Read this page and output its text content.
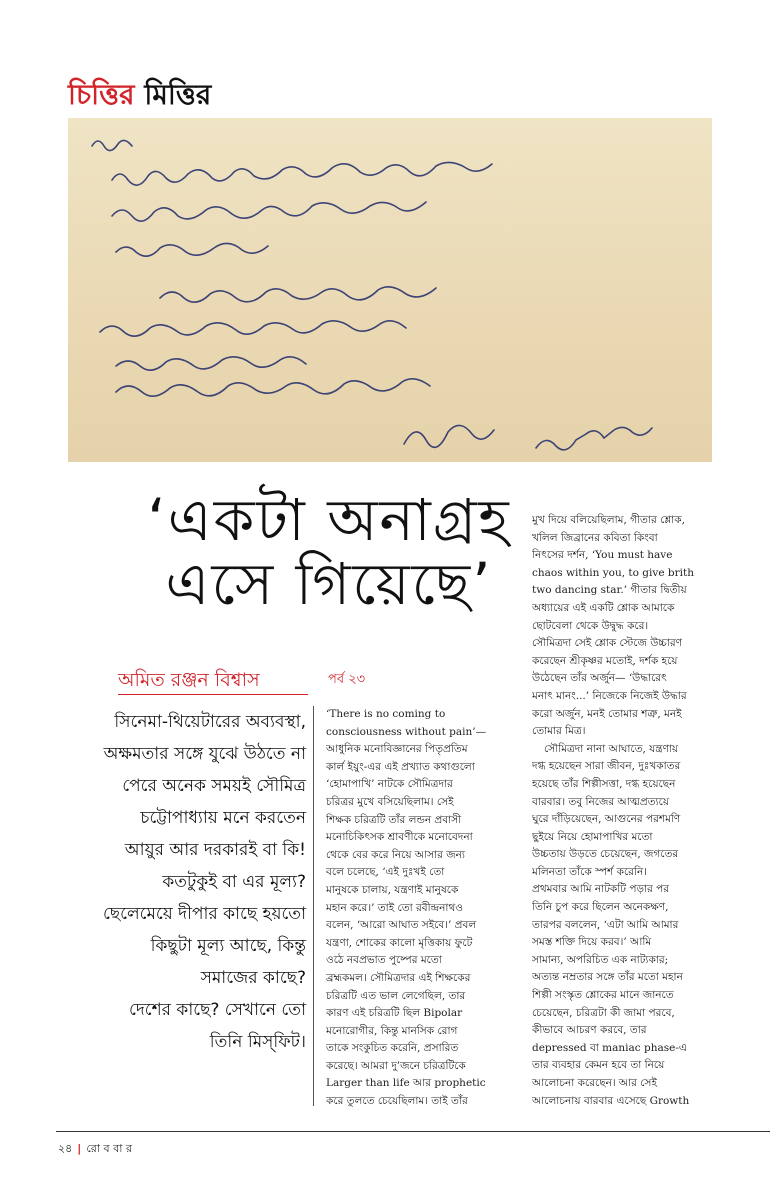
চিত্তির মিত্তির
‘একটা অনাগ্রহ
এসে গিয়েছে’
অমিত রঞ্জন বিশ্বাস	পর্ব ২৩
সিনেমা-থিয়েটারের অব্যবস্থা,
অক্ষমতার সঙ্গে যুঝে উঠতে না
পেরে অনেক সময়ই সৌমিত্র
চট্টোপাধ্যায় মনে করতেন
আয়ুর আর দরকারই বা কি!
কতটুকুই বা এর মূল্য?
ছেলেমেয়ে দীপার কাছে হয়তো
কিছুটা মূল্য আছে, কিন্তু
সমাজের কাছে?
দেশের কাছে? সেখানে তো
তিনি মিস্‌ফিট।
‘There is no coming to
consciousness without pain’—
আধুনিক মনোবিজ্ঞানের পিতৃপ্রতিম
কার্ল ইয়ুং-এর এই প্রখ্যাত কথাগুলো
‘হোমাপাখি’ নাটকে সৌমিত্রদার
চরিত্রর মুখে বসিয়েছিলাম। সেই
শিক্ষক চরিত্রটি তাঁর লন্ডন প্রবাসী
মনোচিকিৎসক শ্রাবণীকে মনোবেদনা
থেকে বের করে নিয়ে আসার জন্য
বলে চলেছে, ‘এই দুঃখই তো
মানুষকে চালায়, যন্ত্রণাই মানুষকে
মহান করে।’ তাই তো রবীন্দ্রনাথও
বলেন, ‘আরো আঘাত সইবে।’ প্রবল
যন্ত্রণা, শোকের কালো মৃত্তিকায় ফুটে
ওঠে নবপ্রভাত পুষ্পের মতো
ব্রহ্মকমল। সৌমিত্রদার এই শিক্ষকের
চরিত্রটি এত ভাল লেগেছিল, তার
কারণ এই চরিত্রটি ছিল Bipolar
মনোরোগীর, কিন্তু মানসিক রোগ
তাকে সংকুচিত করেনি, প্রসারিত
করেছে। আমরা দু’জনে চরিত্রটিকে
Larger than life আর prophetic
করে তুলতে চেয়েছিলাম। তাই তাঁর
মুখ দিয়ে বলিয়েছিলাম, গীতার শ্লোক,
খলিল জিব্রানের কবিতা কিংবা
নিৎসের দর্শন, ‘You must have
chaos within you, to give brith
two dancing star.’ গীতার দ্বিতীয়
অধ্যায়ের এই একটি শ্লোক আমাকে
ছোটবেলা থেকে উদ্বুদ্ধ করে।
সৌমিত্রদা সেই শ্লোক স্টেজে উচ্চারণ
করেছেন শ্রীকৃষ্ণর মতোই, দর্শক হয়ে
উঠেছেন তাঁর অর্জুন— ‘উদ্ধারেৎ
মনাৎ মানং...’ নিজেকে নিজেই উদ্ধার
করো অর্জুন, মনই তোমার শত্রু, মনই
তোমার মিত্র।
সৌমিত্রদা নানা আঘাতে, যন্ত্রণায়
দগ্ধ হয়েছেন সারা জীবন, দুঃখকাতর
হয়েছে তাঁর শিল্পীসত্তা, দগ্ধ হয়েছেন
বারবার। তবু নিজের আত্মপ্রত্যয়ে
ঘুরে দাঁড়িয়েছেন, আগুনের পরশমণি
ছুইয়ে নিয়ে হোমাপাখির মতো
উচ্চতায় উড়তে চেয়েছেন, জগতের
মলিনতা তাঁকে স্পর্শ করেনি।
প্রথমবার আমি নাটকটি পড়ার পর
তিনি চুপ করে ছিলেন অনেকক্ষণ,
তারপর বললেন, ‘এটা আমি আমার
সমস্ত শক্তি দিয়ে করব।’ আমি
সামান্য, অপরিচিত এক নাট্যকার;
অত্যন্ত নম্রতার সঙ্গে তাঁর মতো মহান
শিল্পী সংস্কৃত শ্লোকের মানে জানতে
চেয়েছেন, চরিত্রটা কী জামা পরবে,
কীভাবে আচরণ করবে, তার
depressed বা maniac phase-এ
তার ব্যবহার কেমন হবে তা নিয়ে
আলোচনা করেছেন। আর সেই
আলোচনায় বারবার এসেছে Growth
২৪ | রো ব বা র
